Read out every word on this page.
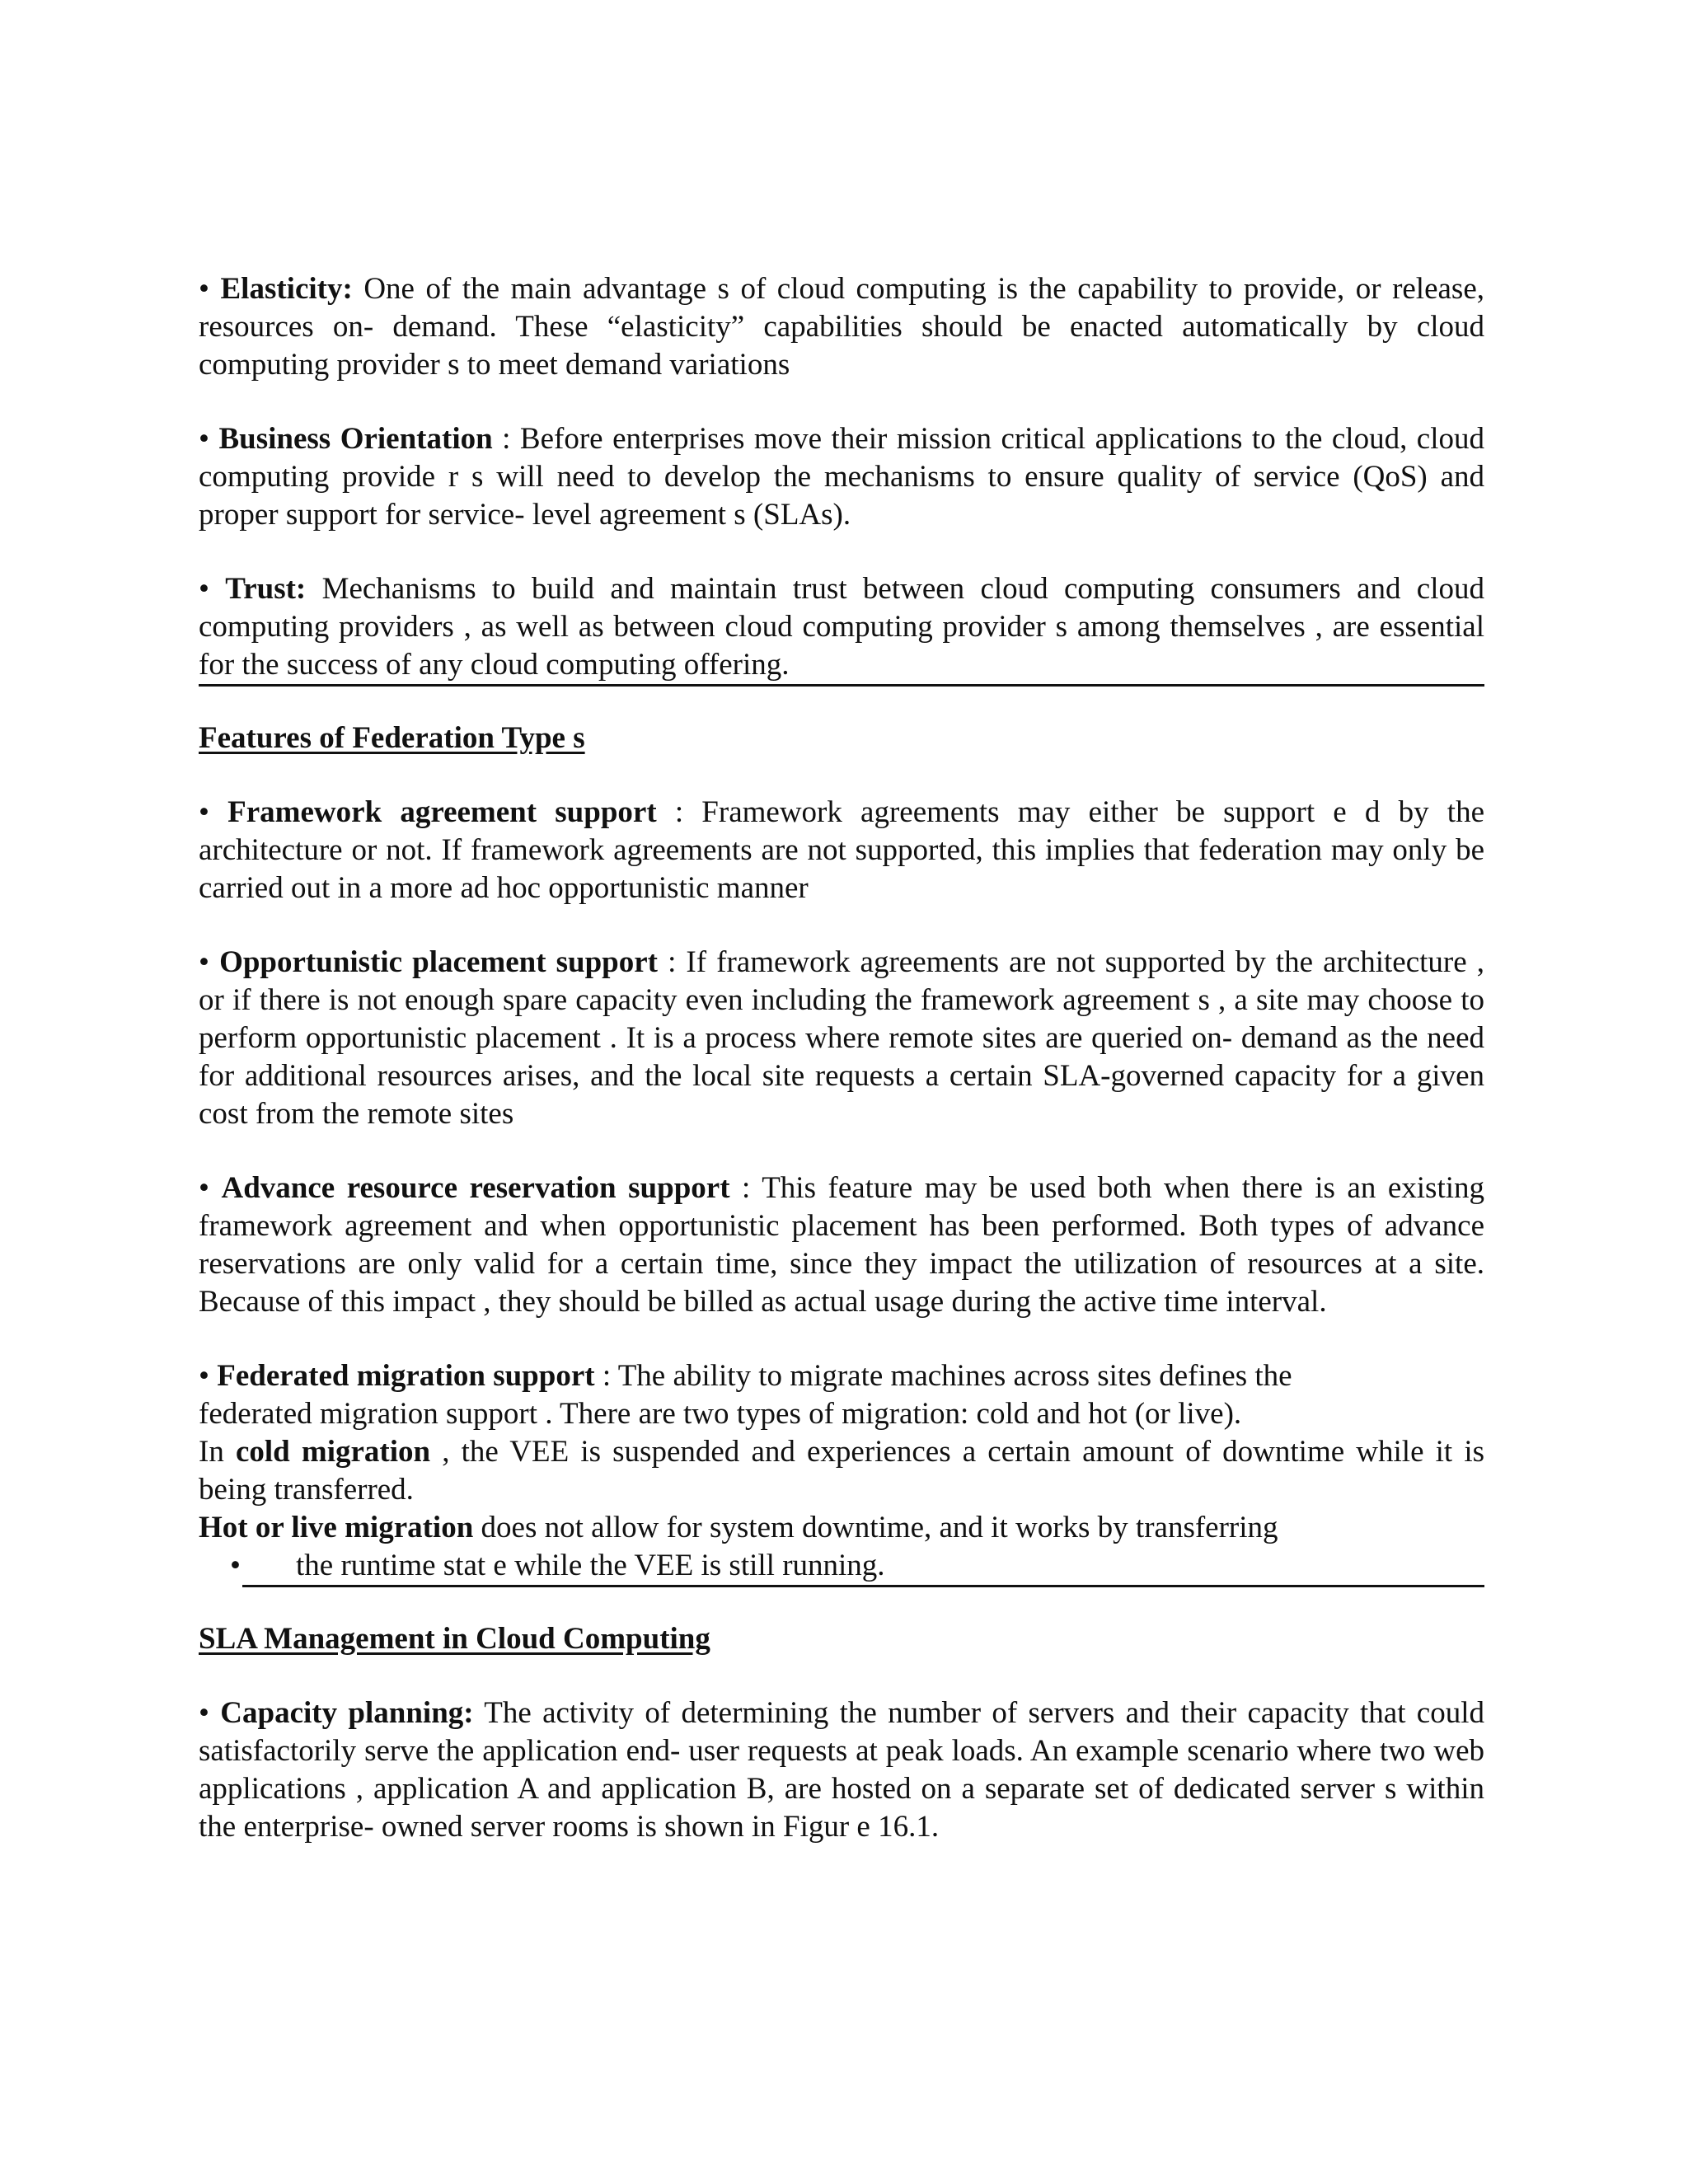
• Elasticity: One of the main advantage s of cloud computing is the capability to provide, or release, resources on- demand. These “elasticity” capabilities should be enacted automatically by cloud computing provider s to meet demand variations

• Business Orientation : Before enterprises move their mission critical applications to the cloud, cloud computing provide r s will need to develop the mechanisms to ensure quality of service (QoS) and proper support for service- level agreement s (SLAs).

• Trust: Mechanisms to build and maintain trust between cloud computing consumers and cloud computing providers , as well as between cloud computing provider s among themselves , are essential for the success of any cloud computing offering.

Features of Federation Type s

• Framework agreement support : Framework agreements may either be support e d by the architecture or not. If framework agreements are not supported, this implies that federation may only be carried out in a more ad hoc opportunistic manner

• Opportunistic placement support : If framework agreements are not supported by the architecture , or if there is not enough spare capacity even including the framework agreement s , a site may choose to perform opportunistic placement . It is a process where remote sites are queried on- demand as the need for additional resources arises, and the local site requests a certain SLA-governed capacity for a given cost from the remote sites

• Advance resource reservation support : This feature may be used both when there is an existing framework agreement and when opportunistic placement has been performed. Both types of advance reservations are only valid for a certain time, since they impact the utilization of resources at a site. Because of this impact , they should be billed as actual usage during the active time interval.

• Federated migration support : The ability to migrate machines across sites defines the

federated migration support . There are two types of migration: cold and hot (or live).

In cold migration , the VEE is suspended and experiences a certain amount of downtime while it is being transferred.

Hot or live migration does not allow for system downtime, and it works by transferring

• the runtime stat e while the VEE is still running.

SLA Management in Cloud Computing

• Capacity planning: The activity of determining the number of servers and their capacity that could satisfactorily serve the application end- user requests at peak loads. An example scenario where two web applications , application A and application B, are hosted on a separate set of dedicated server s within the enterprise- owned server rooms is shown in Figur e 16.1.
